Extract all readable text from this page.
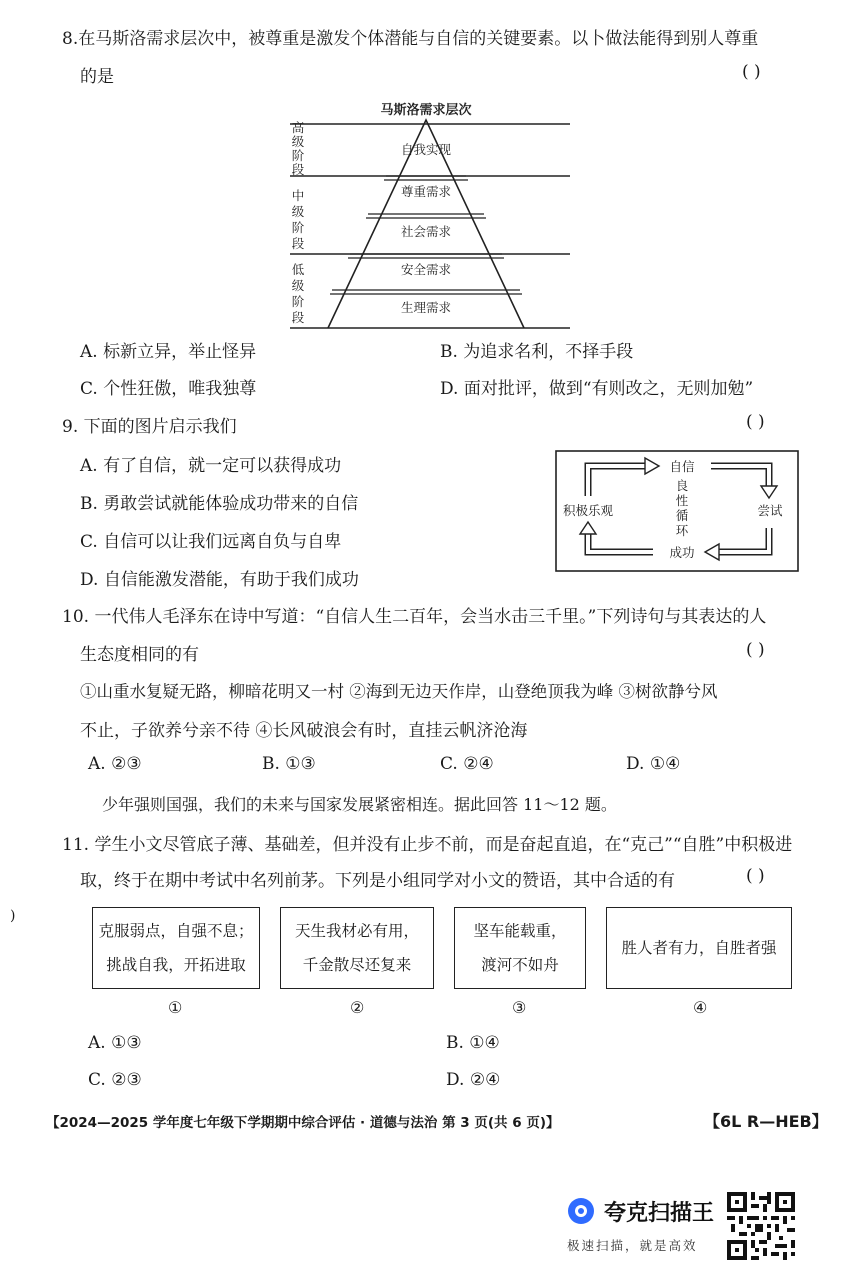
8.在马斯洛需求层次中，被尊重是激发个体潜能与自信的关键要素。以卜做法能得到别人尊重
的是	( )
马斯洛需求层次
自我实现
尊重需求
社会需求
安全需求
生理需求
高
级
阶
段
中
级
阶
段
低
级
阶
段
A. 标新立异，举止怪异	B. 为追求名利，不择手段
C. 个性狂傲，唯我独尊	D. 面对批评，做到“有则改之，无则加勉”
9. 下面的图片启示我们	( )
A. 有了自信，就一定可以获得成功
B. 勇敢尝试就能体验成功带来的自信
C. 自信可以让我们远离自负与自卑
D. 自信能激发潜能，有助于我们成功
自信
尝试
成功
积极乐观
良
性
循
环
10. 一代伟人毛泽东在诗中写道：“自信人生二百年，会当水击三千里。”下列诗句与其表达的人
生态度相同的有	( )
①山重水复疑无路，柳暗花明又一村 ②海到无边天作岸，山登绝顶我为峰 ③树欲静兮风
不止，子欲养兮亲不待 ④长风破浪会有时，直挂云帆济沧海
A. ②③	B. ①③	C. ②④	D. ①④
少年强则国强，我们的未来与国家发展紧密相连。据此回答 11～12 题。
11. 学生小文尽管底子薄、基础差，但并没有止步不前，而是奋起直追，在“克己”“自胜”中积极进
取，终于在期中考试中名列前茅。下列是小组同学对小文的赞语，其中合适的有	( )
)
克服弱点，自强不息；
挑战自我，开拓进取
天生我材必有用，
千金散尽还复来
坚车能载重，
渡河不如舟
胜人者有力，自胜者强
①	②	③	④
A. ①③	B. ①④
C. ②③	D. ②④
【2024—2025 学年度七年级下学期期中综合评估 · 道德与法治 第 3 页(共 6 页)】	【6L R—HEB】
夸克扫描王
极速扫描，就是高效
